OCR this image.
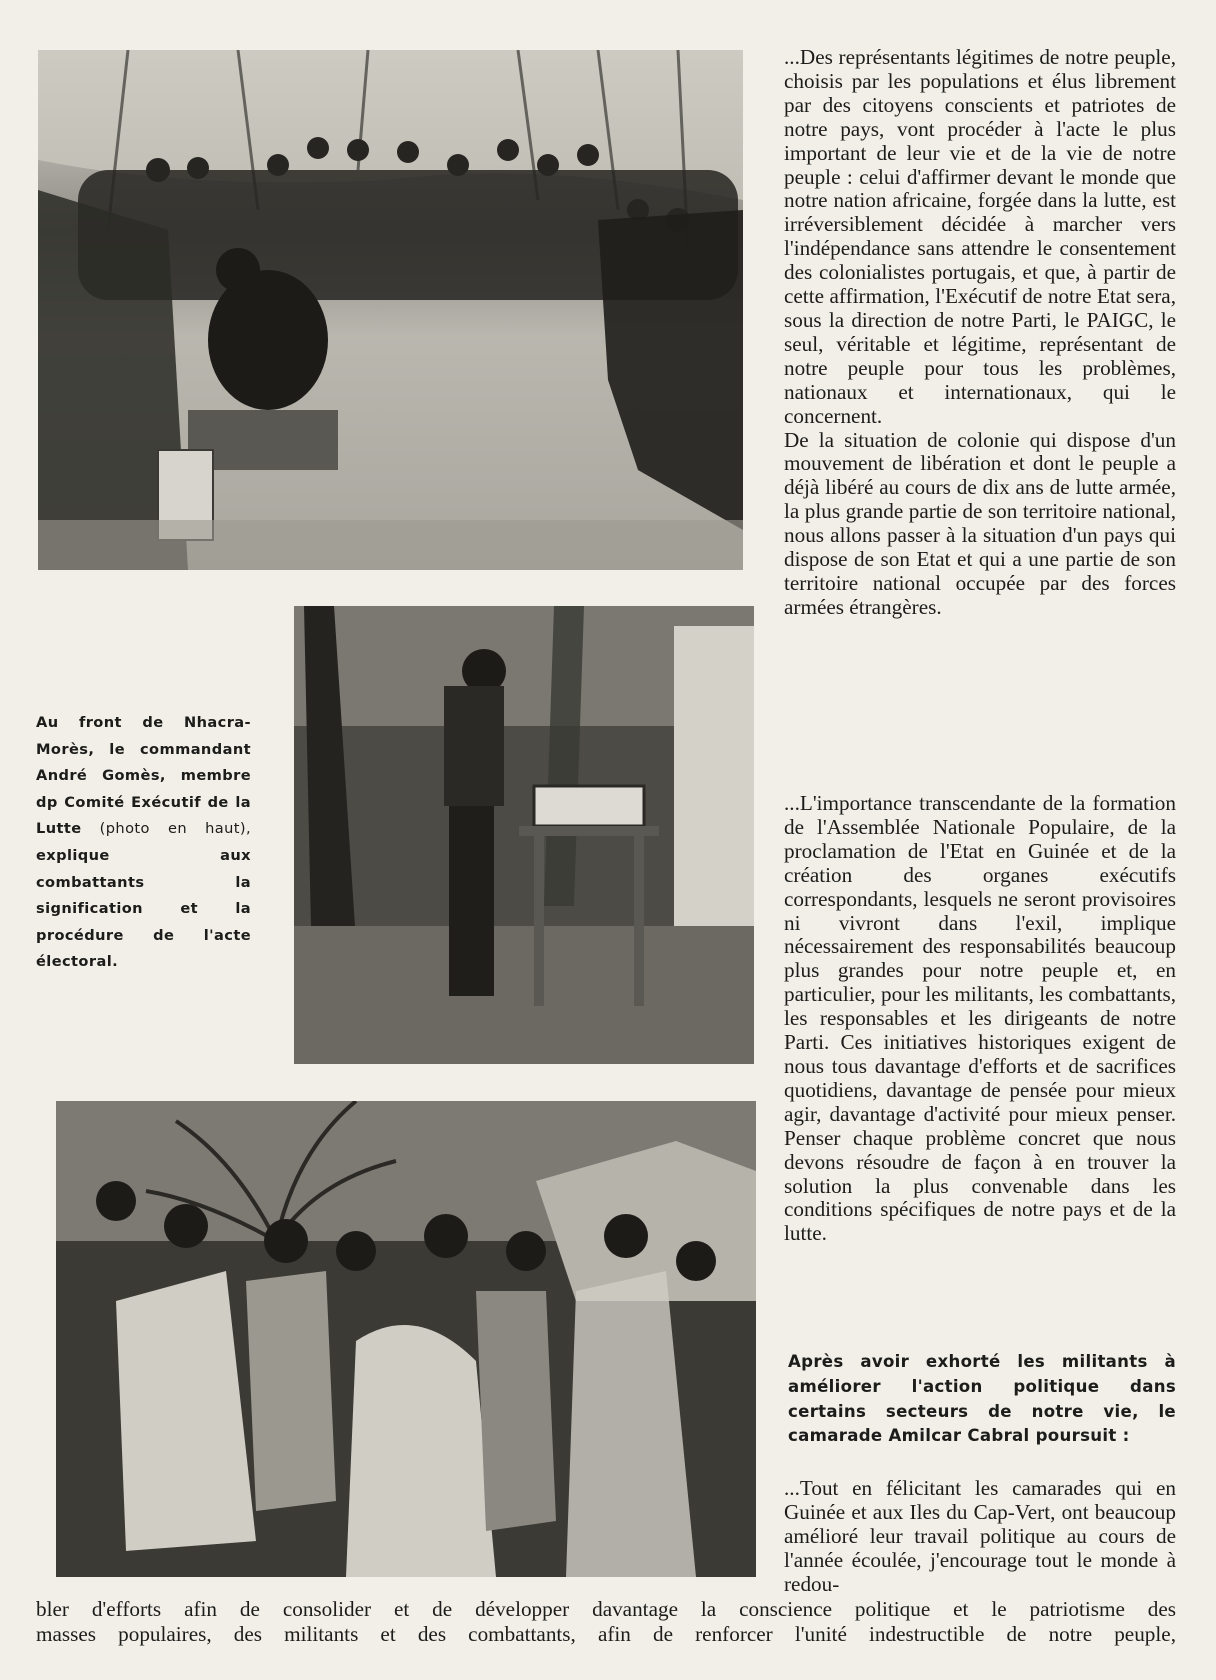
...Des représentants légitimes de notre peuple, choisis par les populations et élus librement par des citoyens conscients et patriotes de notre pays, vont procéder à l'acte le plus important de leur vie et de la vie de notre peuple : celui d'affirmer devant le monde que notre nation africaine, forgée dans la lutte, est irréversiblement décidée à marcher vers l'indépendance sans attendre le consentement des colonialistes portugais, et que, à partir de cette affirmation, l'Exécutif de notre Etat sera, sous la direction de notre Parti, le PAIGC, le seul, véritable et légitime, représentant de notre peuple pour tous les problèmes, nationaux et internationaux, qui le concernent.

De la situation de colonie qui dispose d'un mouvement de libération et dont le peuple a déjà libéré au cours de dix ans de lutte armée, la plus grande partie de son territoire national, nous allons passer à la situation d'un pays qui dispose de son Etat et qui a une partie de son territoire national occupée par des forces armées étrangères.

...L'importance transcendante de la formation de l'Assemblée Nationale Populaire, de la proclamation de l'Etat en Guinée et de la création des organes exécutifs correspondants, lesquels ne seront provisoires ni vivront dans l'exil, implique nécessairement des responsabilités beaucoup plus grandes pour notre peuple et, en particulier, pour les militants, les combattants, les responsables et les dirigeants de notre Parti. Ces initiatives historiques exigent de nous tous davantage d'efforts et de sacrifices quotidiens, davantage de pensée pour mieux agir, davantage d'activité pour mieux penser. Penser chaque problème concret que nous devons résoudre de façon à en trouver la solution la plus convenable dans les conditions spécifiques de notre pays et de la lutte.

Après avoir exhorté les militants à améliorer l'action politique dans certains secteurs de notre vie, le camarade Amilcar Cabral poursuit :

...Tout en félicitant les camarades qui en Guinée et aux Iles du Cap-Vert, ont beaucoup amélioré leur travail politique au cours de l'année écoulée, j'encourage tout le monde à redou-

Au front de Nhacra-Morès, le commandant André Gomès, membre dp Comité Exécutif de la Lutte (photo en haut), explique aux combattants la signification et la procédure de l'acte électoral.

bler d'efforts afin de consolider et de développer davantage la conscience politique et le patriotisme des

masses populaires, des militants et des combattants, afin de renforcer l'unité indestructible de notre peuple,
